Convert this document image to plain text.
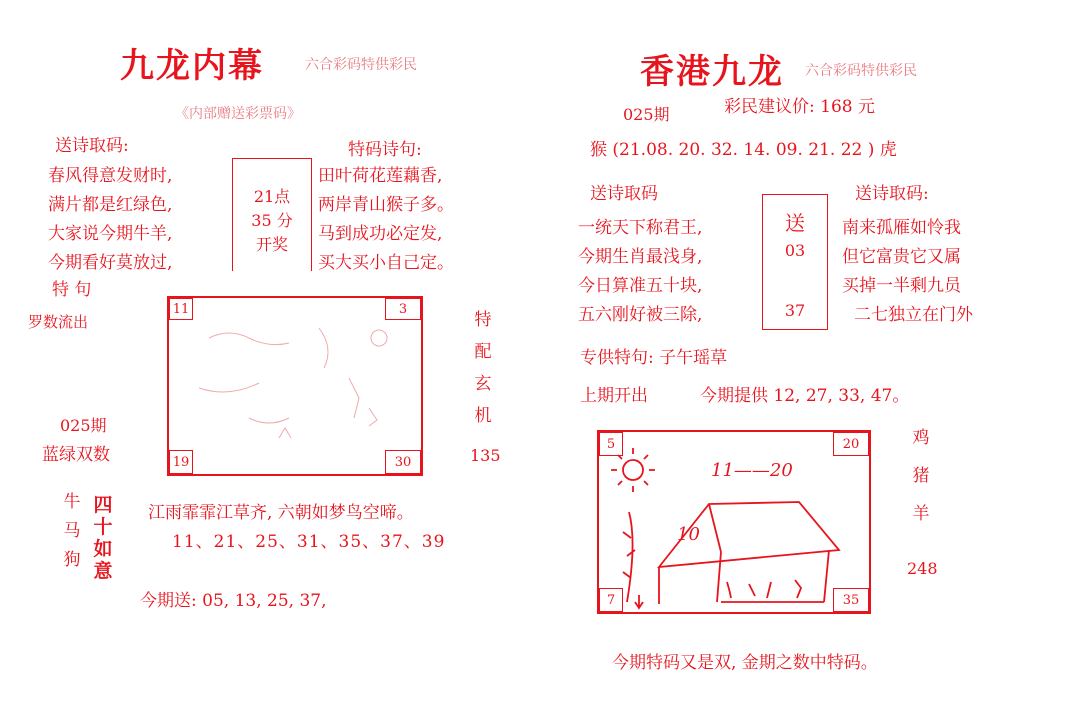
九龙内幕	六合彩码特供彩民
《内部赠送彩票码》
送诗取码:
春风得意发财时,
满片都是红绿色,
大家说今期牛羊,
今期看好莫放过,
特 句
罗数流出
21点
35 分
开奖
特码诗句:
田叶荷花莲藕香,
两岸青山猴子多。
马到成功必定发,
买大买小自己定。
11	3
19	30
025期
蓝绿双数
特
配
玄
机
135
牛
马
狗
四
十
如
意
江雨霏霏江草齐, 六朝如梦鸟空啼。
11、21、25、31、35、37、39
今期送: 05, 13, 25, 37,
香港九龙 六合彩码特供彩民
025期	彩民建议价: 168 元
猴 (21.08. 20. 32. 14. 09. 21. 22 ) 虎
送诗取码
一统天下称君王,
今期生肖最浅身,
今日算准五十块,
五六刚好被三除,
送
03
37
送诗取码:
南来孤雁如怜我
但它富贵它又属
买掉一半剩九员
二七独立在门外
专供特句: 子午瑶草
上期开出	今期提供 12, 27, 33, 47。
5	20
7	35
11——20
10
鸡
猪
羊
248
今期特码又是双, 金期之数中特码。
